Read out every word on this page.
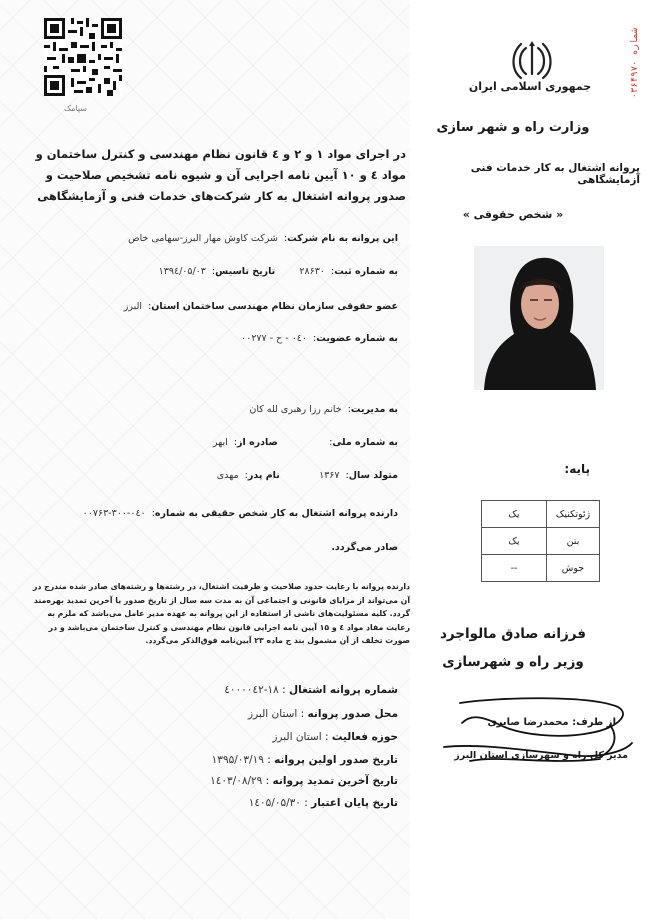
سپامک
شماره ۰۳۶۴۹۷۰
جمهوری اسلامی ایران
وزارت راه و شهر سازی
پروانه اشتغال به کار خدمات فنی آزمایشگاهی
« شخص حقوقی »
پایه:
ژئوتکنیک	یک
بتن	یک
جوش	--
فرزانه صادق مالواجرد
وزیر راه و شهرسازی
از طرف: محمدرضا صابری
مدیر کل راه و شهرسازی استان البرز
در اجرای مواد ۱ و ۲ و ٤ قانون نظام مهندسی و کنترل ساختمان و مواد ٤ و ۱۰ آیین نامه اجرایی آن و شیوه نامه تشخیص صلاحیت و صدور پروانه اشتغال به کار شرکت‌های خدمات فنی و آزمایشگاهی
این پروانه به نام شرکت:  شرکت کاوش مهار البرز-سهامی خاص
به شماره ثبت:  ۲۸۶۳۰        تاریخ تاسیس:  ۱۳۹٤/۰۵/۰۳
عضو حقوقی سازمان نظام مهندسی ساختمان استان:  البرز
به شماره عضویت:  ۰٤۰ - ح - ۰۰۲۷۷
به مدیریت:  خانم رزا رهبری لله کان
به شماره ملی:                 صادره از:  ابهر
متولد سال:  ۱۳۶۷             نام پدر:  مهدی
دارنده پروانه اشتغال به کار شخص حقیقی به شماره:  ۰٤۰-۳۰۰-۰۰۷۶۳
صادر می‌گردد.
دارنده پروانه با رعایت حدود صلاحیت و ظرفیت اشتغال، در رشته‌ها و رشته‌های صادر شده مندرج در آن می‌تواند از مزایای قانونی و اجتماعی آن به مدت سه سال از تاریخ صدور یا آخرین تمدید بهره‌مند گردد. کلیه مسئولیت‌های ناشی از استفاده از این پروانه به عهده مدیر عامل می‌باشد که ملزم به رعایت مفاد مواد ٤ و ۱۵ آیین نامه اجرایی قانون نظام مهندسی و کنترل ساختمان می‌باشد و در صورت تخلف از آن مشمول بند ج ماده ۲۳ آیین‌نامه فوق‌الذکر می‌گردد.
شماره پروانه اشتغال : ۱۸-٤۰۰۰۰٤۲
محل صدور پروانه : استان البرز
حوزه فعالیت : استان البرز
تاریخ صدور اولین پروانه : ۱۳۹۵/۰۳/۱۹
تاریخ آخرین تمدید پروانه : ۱٤۰۳/۰۸/۲۹
تاریخ پایان اعتبار : ۱٤۰۵/۰۵/۳۰
